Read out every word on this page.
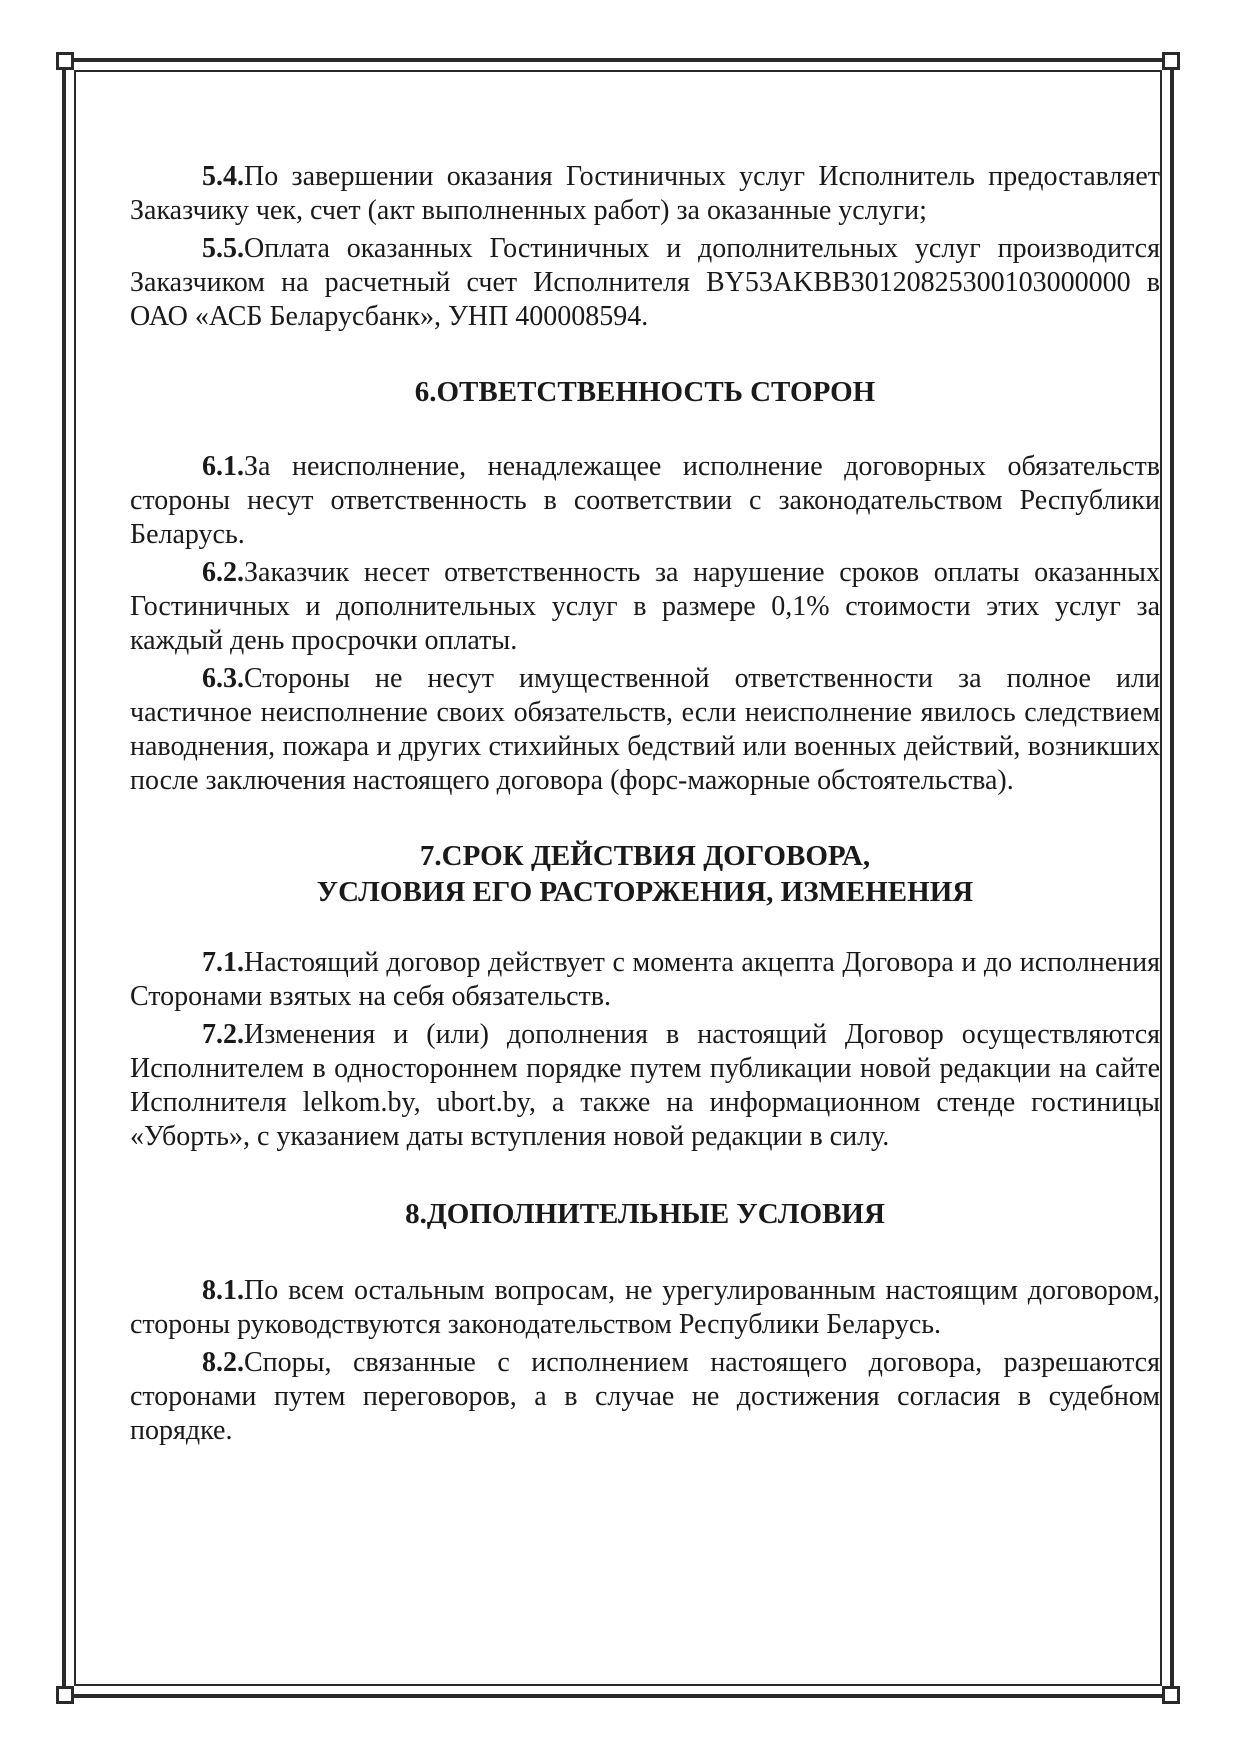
5.4.По завершении оказания Гостиничных услуг Исполнитель предоставляет Заказчику чек, счет (акт выполненных работ) за оказанные услуги;

5.5.Оплата оказанных Гостиничных и дополнительных услуг производится Заказчиком на расчетный счет Исполнителя BY53AKBB30120825300103000000 в ОАО «АСБ Беларусбанк», УНП 400008594.

6.ОТВЕТСТВЕННОСТЬ СТОРОН

6.1.За неисполнение, ненадлежащее исполнение договорных обязательств стороны несут ответственность в соответствии с законодательством Республики Беларусь.

6.2.Заказчик несет ответственность за нарушение сроков оплаты оказанных Гостиничных и дополнительных услуг в размере 0,1% стоимости этих услуг за каждый день просрочки оплаты.

6.3.Стороны не несут имущественной ответственности за полное или частичное неисполнение своих обязательств, если неисполнение явилось следствием наводнения, пожара и других стихийных бедствий или военных действий, возникших после заключения настоящего договора (форс-мажорные обстоятельства).

7.СРОК ДЕЙСТВИЯ ДОГОВОРА,
УСЛОВИЯ ЕГО РАСТОРЖЕНИЯ, ИЗМЕНЕНИЯ

7.1.Настоящий договор действует с момента акцепта Договора и до исполнения Сторонами взятых на себя обязательств.

7.2.Изменения и (или) дополнения в настоящий Договор осуществляются Исполнителем в одностороннем порядке путем публикации новой редакции на сайте Исполнителя lelkom.by, ubort.by, а также на информационном стенде гостиницы «Уборть», с указанием даты вступления новой редакции в силу.

8.ДОПОЛНИТЕЛЬНЫЕ УСЛОВИЯ

8.1.По всем остальным вопросам, не урегулированным настоящим договором, стороны руководствуются законодательством Республики Беларусь.

8.2.Споры, связанные с исполнением настоящего договора, разрешаются сторонами путем переговоров, а в случае не достижения согласия в судебном порядке.
